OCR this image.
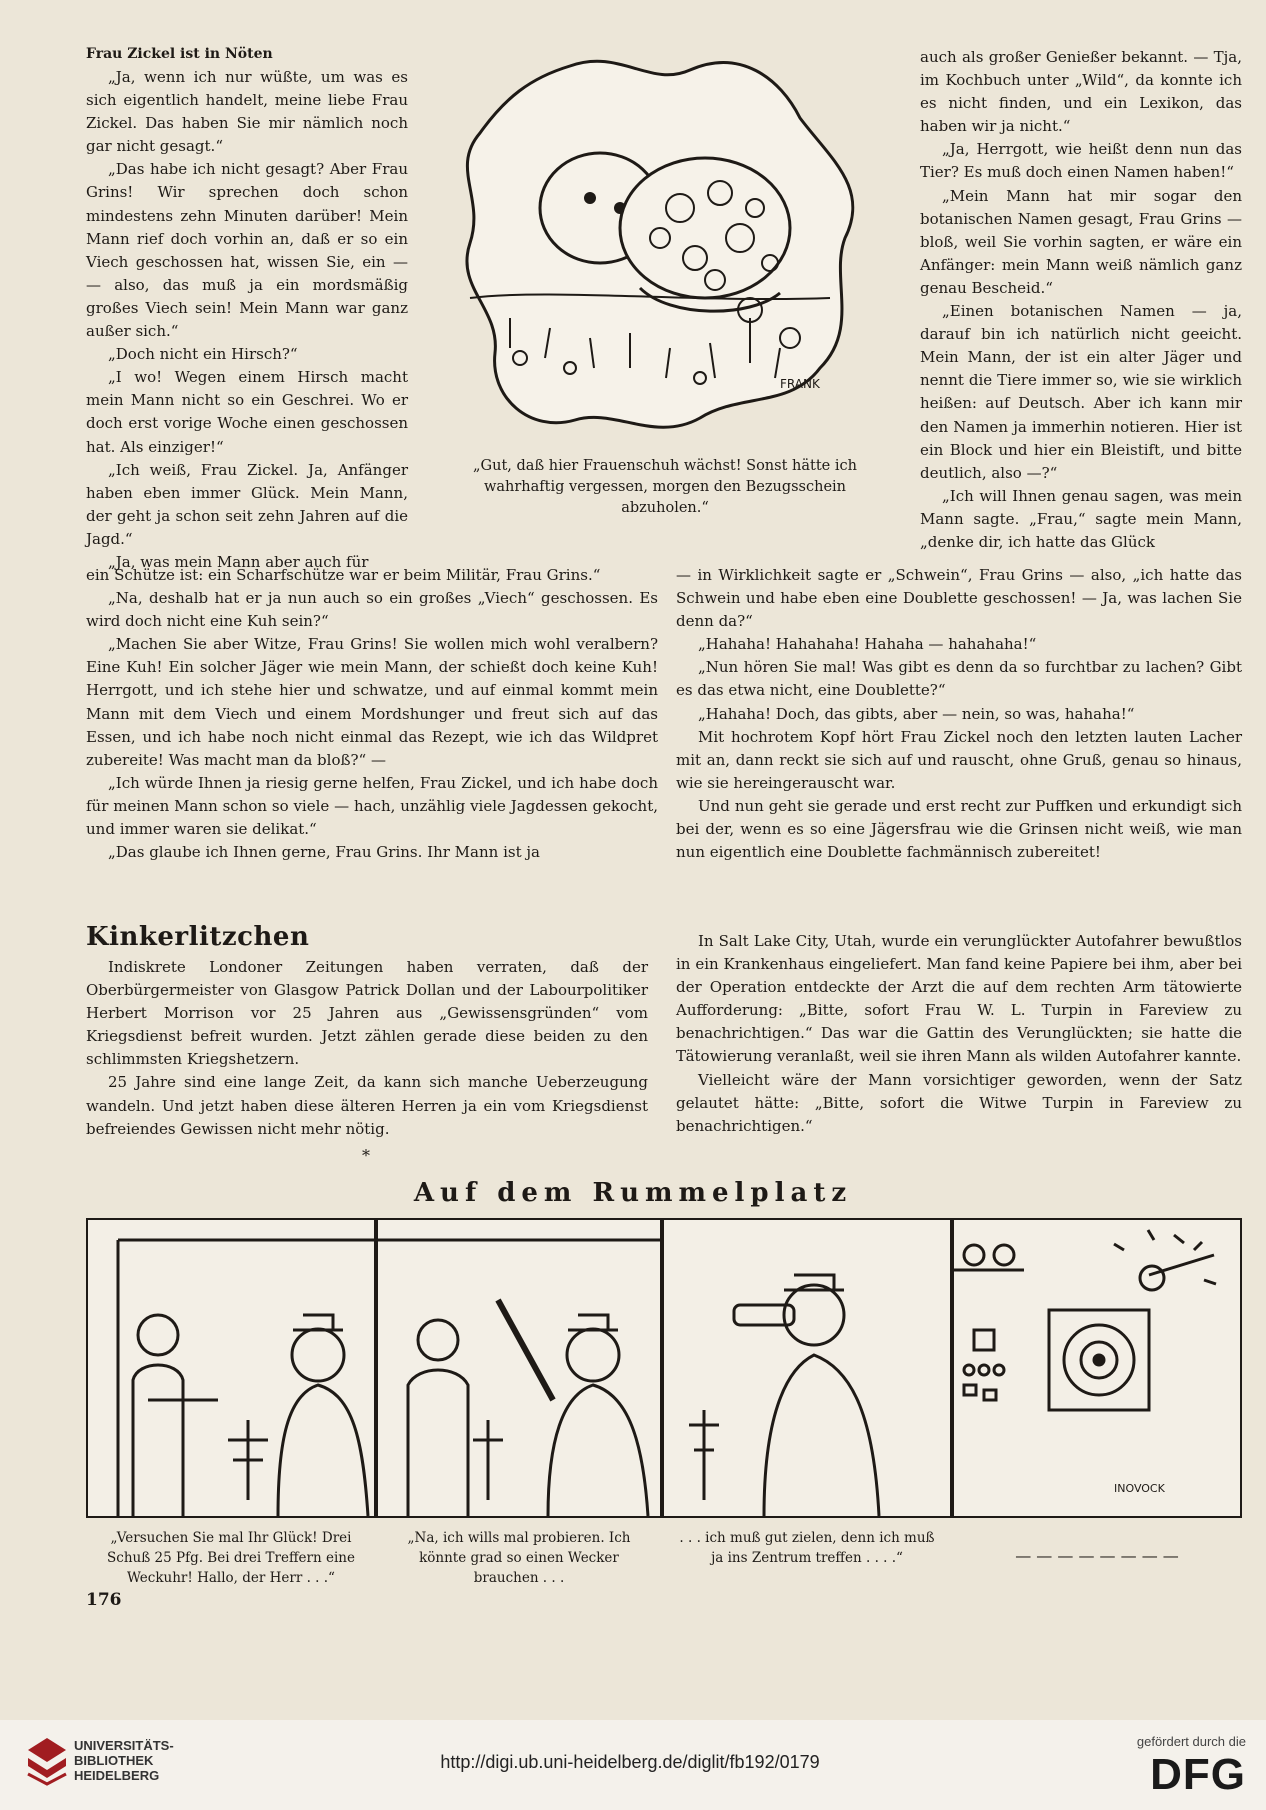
Frau Zickel ist in Nöten

„Ja, wenn ich nur wüßte, um was es sich eigentlich handelt, meine liebe Frau Zickel. Das haben Sie mir nämlich noch gar nicht gesagt.“

„Das habe ich nicht gesagt? Aber Frau Grins! Wir sprechen doch schon mindestens zehn Minuten darüber! Mein Mann rief doch vorhin an, daß er so ein Viech geschossen hat, wissen Sie, ein — — also, das muß ja ein mordsmäßig großes Viech sein! Mein Mann war ganz außer sich.“

„Doch nicht ein Hirsch?“

„I wo! Wegen einem Hirsch macht mein Mann nicht so ein Geschrei. Wo er doch erst vorige Woche einen geschossen hat. Als einziger!“

„Ich weiß, Frau Zickel. Ja, Anfänger haben eben immer Glück. Mein Mann, der geht ja schon seit zehn Jahren auf die Jagd.“

„Ja, was mein Mann aber auch für

FRANK
„Gut, daß hier Frauenschuh wächst! Sonst hätte ich wahrhaftig vergessen, morgen den Bezugsschein abzuholen.“

auch als großer Genießer bekannt. — Tja, im Kochbuch unter „Wild“, da konnte ich es nicht finden, und ein Lexikon, das haben wir ja nicht.“

„Ja, Herrgott, wie heißt denn nun das Tier? Es muß doch einen Namen haben!“

„Mein Mann hat mir sogar den botanischen Namen gesagt, Frau Grins — bloß, weil Sie vorhin sagten, er wäre ein Anfänger: mein Mann weiß nämlich ganz genau Bescheid.“

„Einen botanischen Namen — ja, darauf bin ich natürlich nicht geeicht. Mein Mann, der ist ein alter Jäger und nennt die Tiere immer so, wie sie wirklich heißen: auf Deutsch. Aber ich kann mir den Namen ja immerhin notieren. Hier ist ein Block und hier ein Bleistift, und bitte deutlich, also —?“

„Ich will Ihnen genau sagen, was mein Mann sagte. „Frau,“ sagte mein Mann, „denke dir, ich hatte das Glück

ein Schütze ist: ein Scharfschütze war er beim Militär, Frau Grins.“

„Na, deshalb hat er ja nun auch so ein großes „Viech“ geschossen. Es wird doch nicht eine Kuh sein?“

„Machen Sie aber Witze, Frau Grins! Sie wollen mich wohl veralbern? Eine Kuh! Ein solcher Jäger wie mein Mann, der schießt doch keine Kuh! Herrgott, und ich stehe hier und schwatze, und auf einmal kommt mein Mann mit dem Viech und einem Mordshunger und freut sich auf das Essen, und ich habe noch nicht einmal das Rezept, wie ich das Wildpret zubereite! Was macht man da bloß?“ —

„Ich würde Ihnen ja riesig gerne helfen, Frau Zickel, und ich habe doch für meinen Mann schon so viele — hach, unzählig viele Jagdessen gekocht, und immer waren sie delikat.“

„Das glaube ich Ihnen gerne, Frau Grins. Ihr Mann ist ja

— in Wirklichkeit sagte er „Schwein“, Frau Grins — also, „ich hatte das Schwein und habe eben eine Doublette geschossen! — Ja, was lachen Sie denn da?“

„Hahaha! Hahahaha! Hahaha — hahahaha!“

„Nun hören Sie mal! Was gibt es denn da so furchtbar zu lachen? Gibt es das etwa nicht, eine Doublette?“

„Hahaha! Doch, das gibts, aber — nein, so was, hahaha!“

Mit hochrotem Kopf hört Frau Zickel noch den letzten lauten Lacher mit an, dann reckt sie sich auf und rauscht, ohne Gruß, genau so hinaus, wie sie hereingerauscht war.

Und nun geht sie gerade und erst recht zur Puffken und erkundigt sich bei der, wenn es so eine Jägersfrau wie die Grinsen nicht weiß, wie man nun eigentlich eine Doublette fachmännisch zubereitet!

Kinkerlitzchen

Indiskrete Londoner Zeitungen haben verraten, daß der Oberbürgermeister von Glasgow Patrick Dollan und der Labourpolitiker Herbert Morrison vor 25 Jahren aus „Gewissensgründen“ vom Kriegsdienst befreit wurden. Jetzt zählen gerade diese beiden zu den schlimmsten Kriegshetzern.

25 Jahre sind eine lange Zeit, da kann sich manche Ueberzeugung wandeln. Und jetzt haben diese älteren Herren ja ein vom Kriegsdienst befreiendes Gewissen nicht mehr nötig.

*

In Salt Lake City, Utah, wurde ein verunglückter Autofahrer bewußtlos in ein Krankenhaus eingeliefert. Man fand keine Papiere bei ihm, aber bei der Operation entdeckte der Arzt die auf dem rechten Arm tätowierte Aufforderung: „Bitte, sofort Frau W. L. Turpin in Fareview zu benachrichtigen.“ Das war die Gattin des Verunglückten; sie hatte die Tätowierung veranlaßt, weil sie ihren Mann als wilden Autofahrer kannte.

Vielleicht wäre der Mann vorsichtiger geworden, wenn der Satz gelautet hätte: „Bitte, sofort die Witwe Turpin in Fareview zu benachrichtigen.“

Auf dem Rummelplatz
INOVOCK
„Versuchen Sie mal Ihr Glück! Drei Schuß 25 Pfg. Bei drei Treffern eine Weckuhr! Hallo, der Herr . . .“
„Na, ich wills mal probieren. Ich könnte grad so einen Wecker brauchen . . .
. . . ich muß gut zielen, denn ich muß ja ins Zentrum treffen . . . .“	— — — — — — — —
176
UNIVERSITÄTS-
BIBLIOTHEK
HEIDELBERG
http://digi.ub.uni-heidelberg.de/diglit/fb192/0179
gefördert durch die
DFG
